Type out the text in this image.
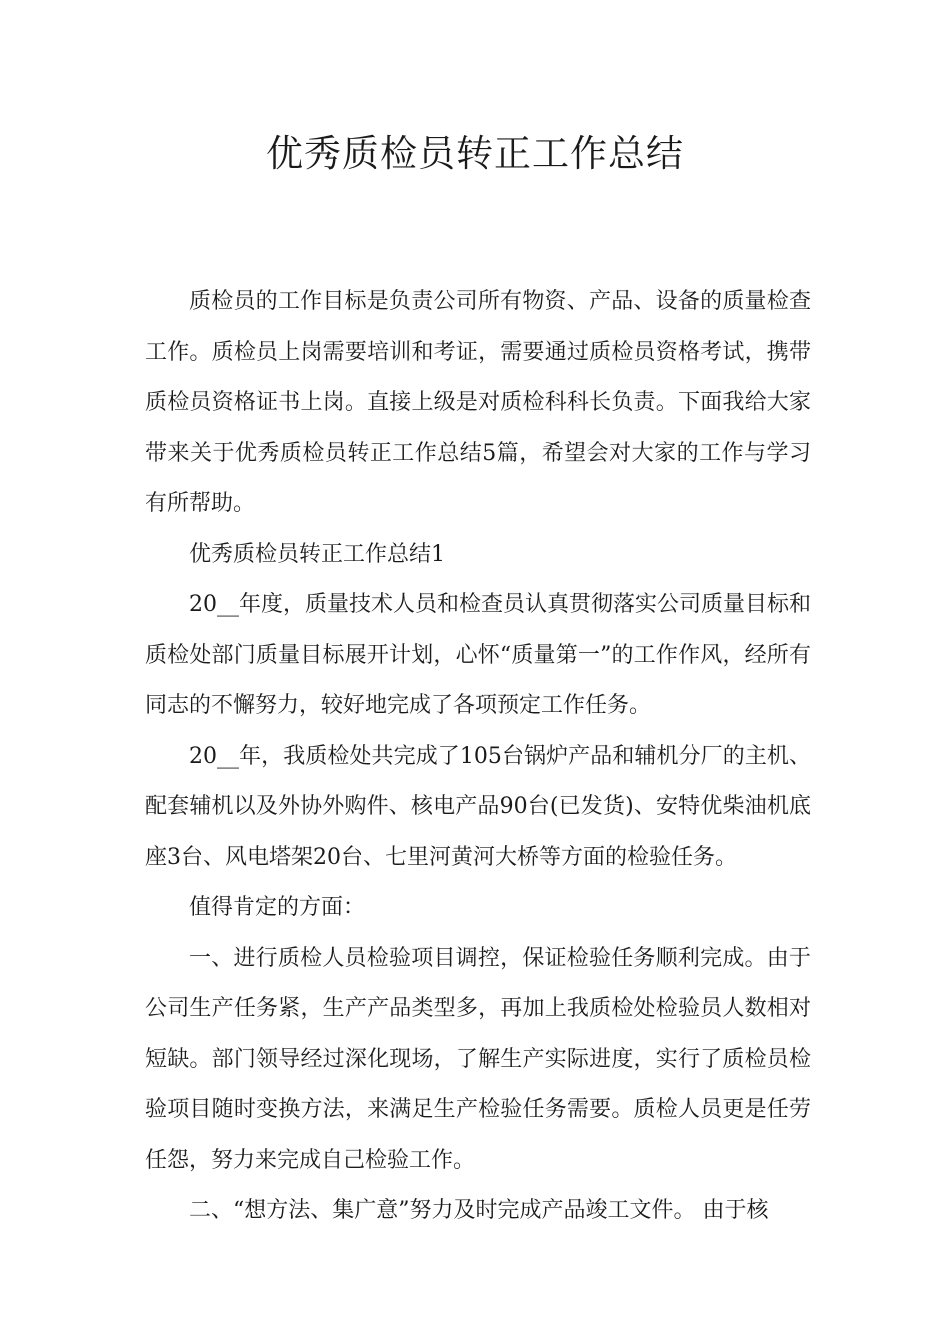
优秀质检员转正工作总结

质检员的工作目标是负责公司所有物资、产品、设备的质量检查工作。质检员上岗需要培训和考证，需要通过质检员资格考试，携带质检员资格证书上岗。直接上级是对质检科科长负责。下面我给大家带来关于优秀质检员转正工作总结5篇，希望会对大家的工作与学习有所帮助。

优秀质检员转正工作总结1

20__年度，质量技术人员和检查员认真贯彻落实公司质量目标和质检处部门质量目标展开计划，心怀“质量第一”的工作作风，经所有同志的不懈努力，较好地完成了各项预定工作任务。

20__年，我质检处共完成了105台锅炉产品和辅机分厂的主机、配套辅机以及外协外购件、核电产品90台(已发货)、安特优柴油机底座3台、风电塔架20台、七里河黄河大桥等方面的检验任务。

值得肯定的方面：

一、进行质检人员检验项目调控，保证检验任务顺利完成。由于公司生产任务紧，生产产品类型多，再加上我质检处检验员人数相对短缺。部门领导经过深化现场，了解生产实际进度，实行了质检员检验项目随时变换方法，来满足生产检验任务需要。质检人员更是任劳任怨，努力来完成自己检验工作。

二、“想方法、集广意”努力及时完成产品竣工文件。 由于核
